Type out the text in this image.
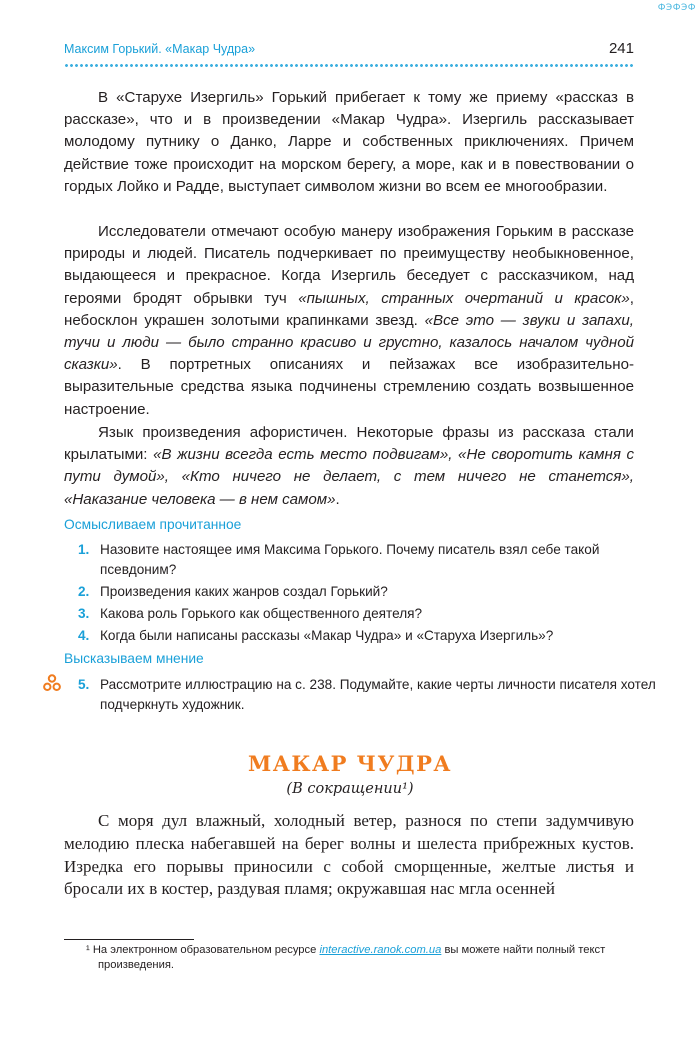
ФЭФЭФ
Максим Горький. «Макар Чудра»	241

В «Старухе Изергиль» Горький прибегает к тому же приему «рассказ в рассказе», что и в произведении «Макар Чудра». Изергиль рассказывает молодому путнику о Данко, Ларре и собственных приключениях. Причем действие тоже происходит на морском берегу, а море, как и в повествовании о гордых Лойко и Радде, выступает символом жизни во всем ее многообразии.

Исследователи отмечают особую манеру изображения Горьким в рассказе природы и людей. Писатель подчеркивает по преимуществу необыкновенное, выдающееся и прекрасное. Когда Изергиль беседует с рассказчиком, над героями бродят обрывки туч «пышных, странных очертаний и красок», небосклон украшен золотыми крапинками звезд. «Все это — звуки и запахи, тучи и люди — было странно красиво и грустно, казалось началом чудной сказки». В портретных описаниях и пейзажах все изобразительно-выразительные средства языка подчинены стремлению создать возвышенное настроение.

Язык произведения афористичен. Некоторые фразы из рассказа стали крылатыми: «В жизни всегда есть место подвигам», «Не сворoтить камня с пути думой», «Кто ничего не делает, с тем ничего не станется», «Наказание человека — в нем самом».

Осмысливаем прочитанное
1. Назовите настоящее имя Максима Горького. Почему писатель взял себе такой псевдоним?
2. Произведения каких жанров создал Горький?
3. Какова роль Горького как общественного деятеля?
4. Когда были написаны рассказы «Макар Чудра» и «Старуха Изергиль»?
Высказываем мнение
5. Рассмотрите иллюстрацию на с. 238. Подумайте, какие черты личности писателя хотел подчеркнуть художник.
МАКАР ЧУДРА
(В сокращении¹)

С моря дул влажный, холодный ветер, разнося по степи задумчивую мелодию плеска набегавшей на берег волны и шелеста прибрежных кустов. Изредка его порывы приносили с собой сморщенные, желтые листья и бросали их в костер, раздувая пламя; окружавшая нас мгла осенней

¹ На электронном образовательном ресурсе interactive.ranok.com.ua вы можете найти полный текст произведения.
